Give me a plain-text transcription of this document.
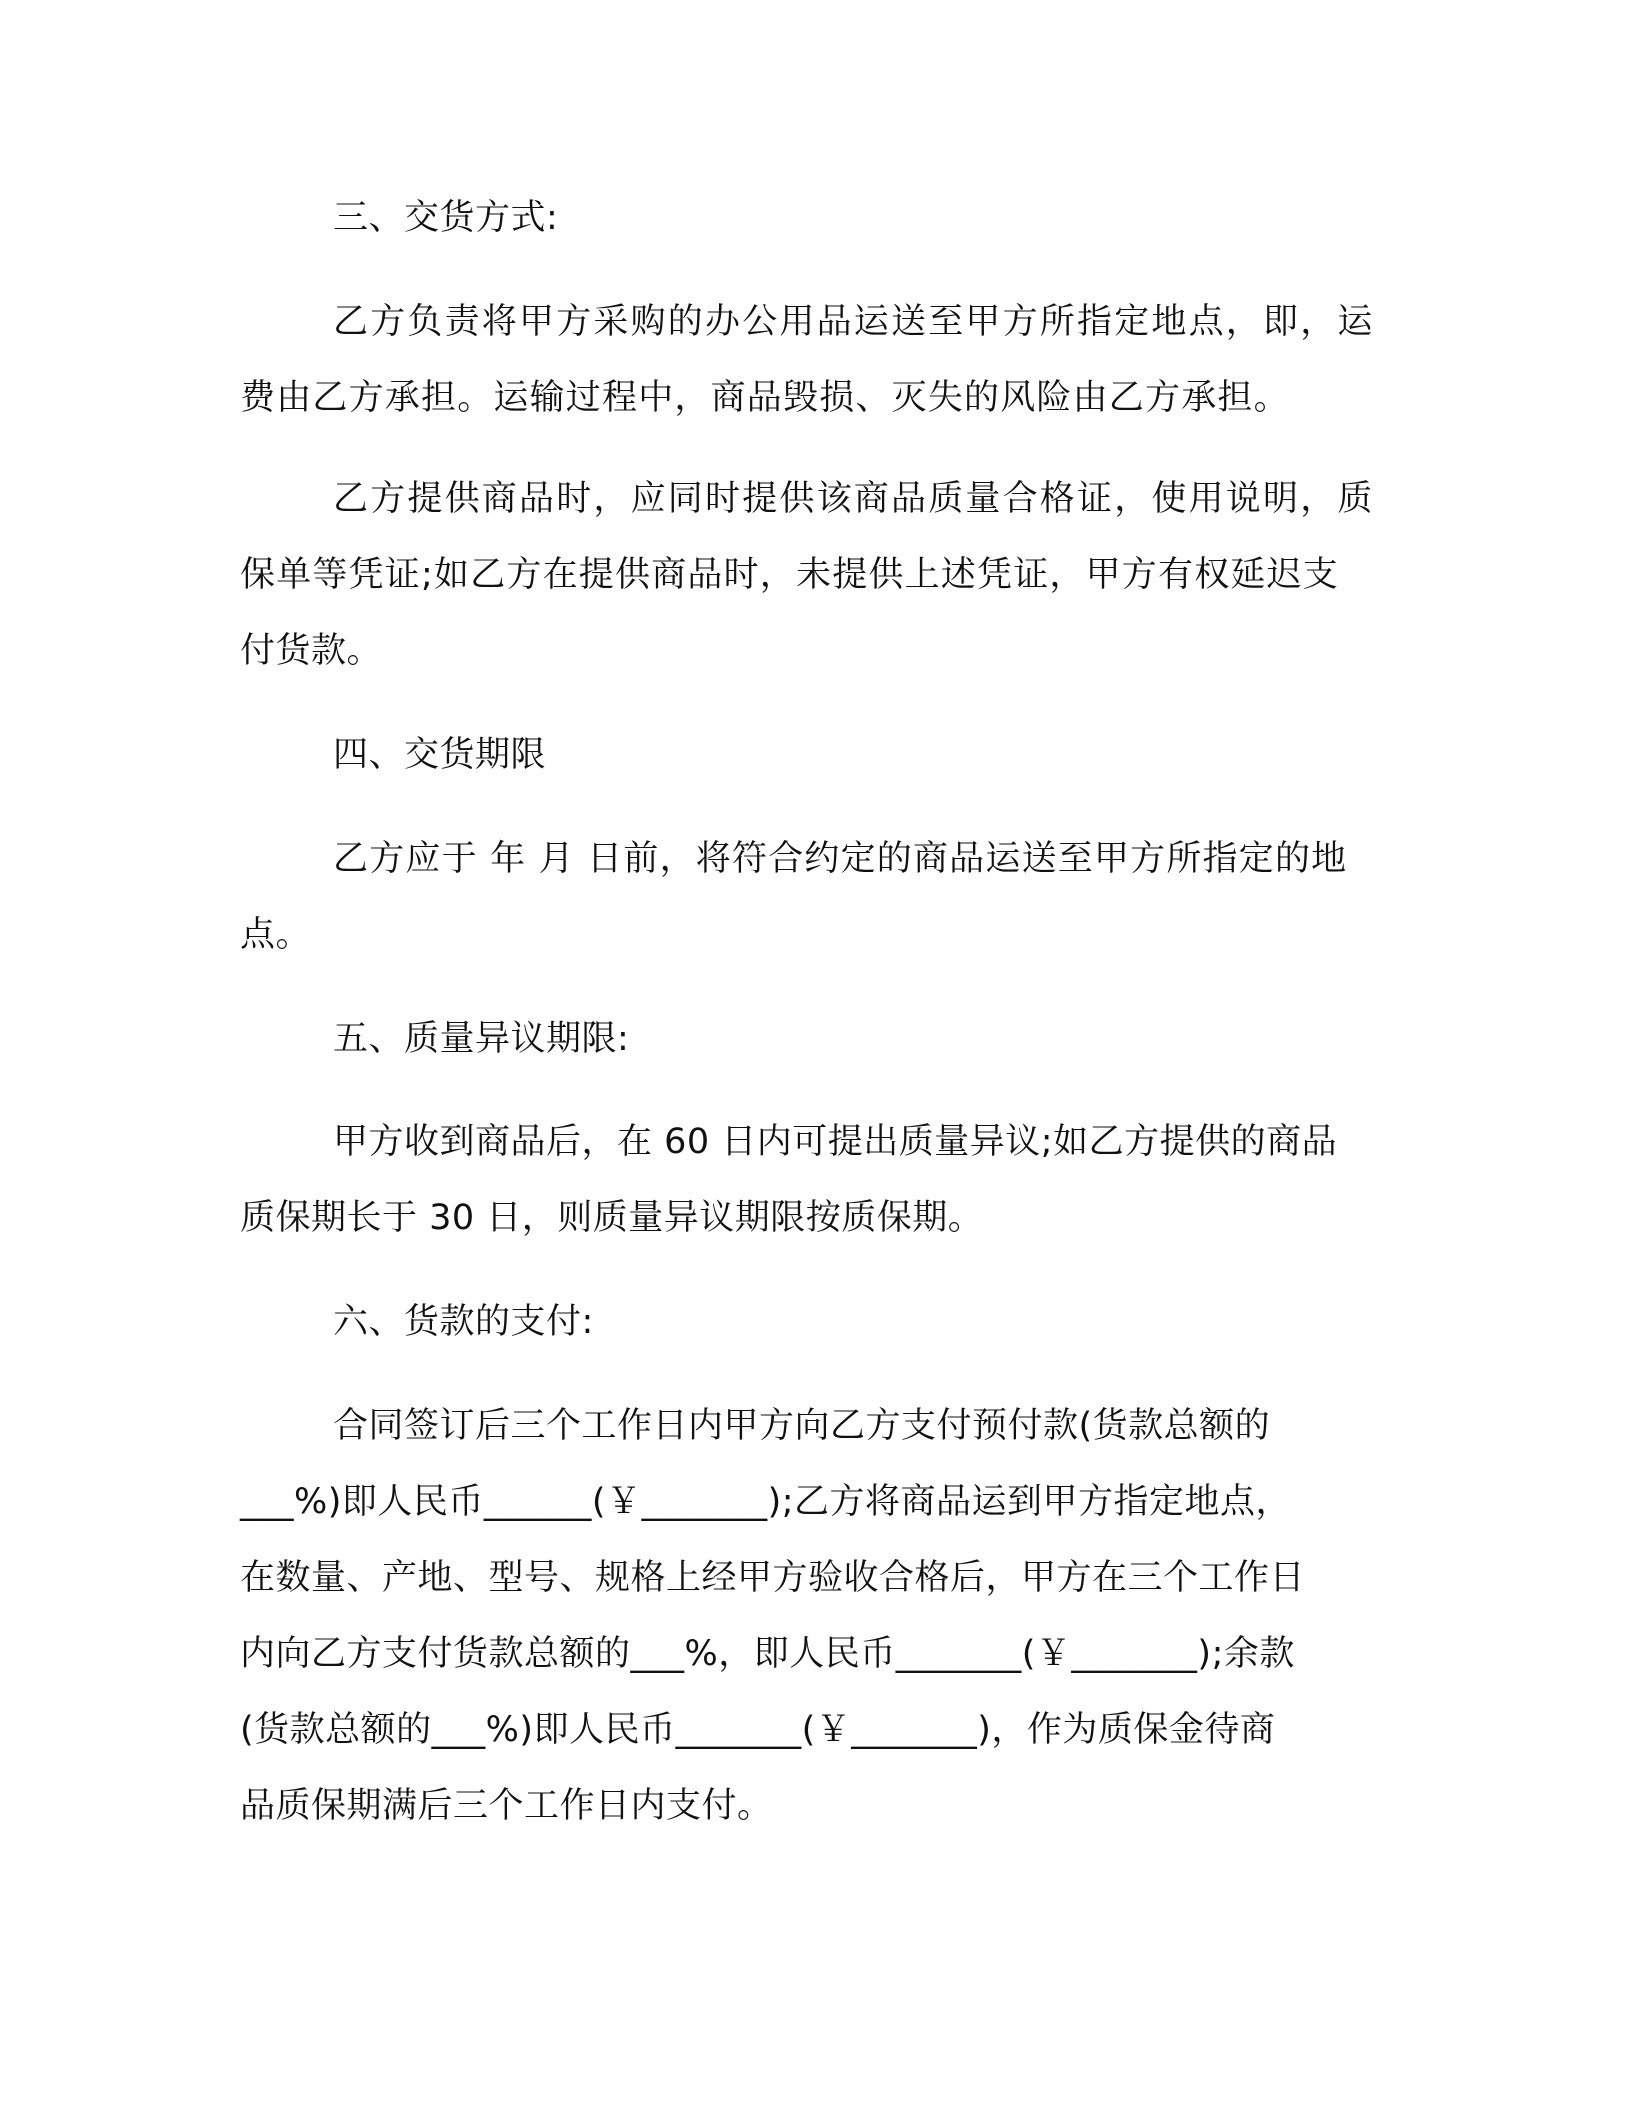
三、交货方式:
乙方负责将甲方采购的办公用品运送至甲方所指定地点，即，运
费由乙方承担。运输过程中，商品毁损、灭失的风险由乙方承担。
乙方提供商品时，应同时提供该商品质量合格证，使用说明，质
保单等凭证;如乙方在提供商品时，未提供上述凭证，甲方有权延迟支
付货款。
四、交货期限
乙方应于 年 月 日前，将符合约定的商品运送至甲方所指定的地
点。
五、质量异议期限:
甲方收到商品后，在 60 日内可提出质量异议;如乙方提供的商品
质保期长于 30 日，则质量异议期限按质保期。
六、货款的支付:
合同签订后三个工作日内甲方向乙方支付预付款(货款总额的
___%)即人民币______(￥_______);乙方将商品运到甲方指定地点，
在数量、产地、型号、规格上经甲方验收合格后，甲方在三个工作日
内向乙方支付货款总额的___%，即人民币_______(￥_______);余款
(货款总额的___%)即人民币_______(￥_______)，作为质保金待商
品质保期满后三个工作日内支付。
